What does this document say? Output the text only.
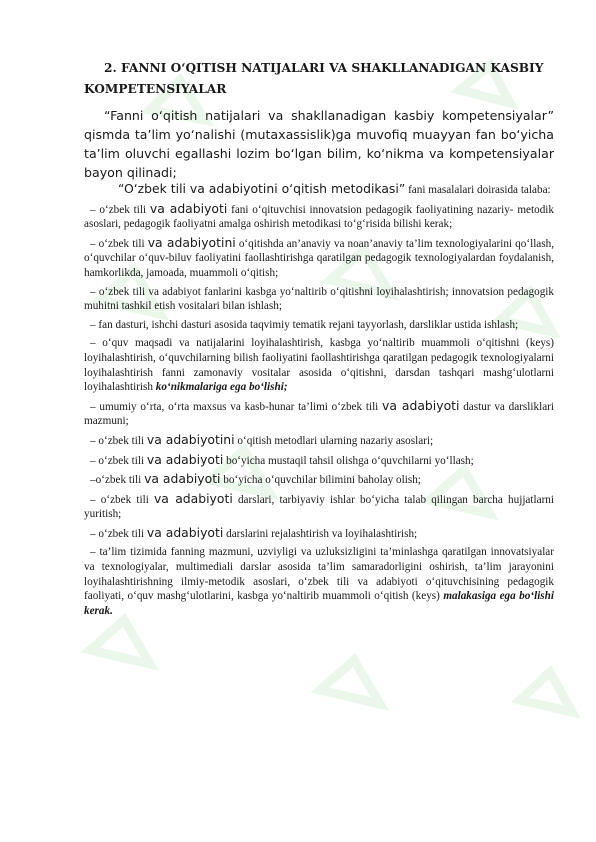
2. FANNI O‘QITISH NATIJALARI VA SHAKLLANADIGAN KASBIY KOMPETENSIYALAR

“Fanni o‘qitish natijalari va shakllanadigan kasbiy kompetensiyalar” qismda ta’lim yo‘nalishi (mutaxassislik)ga muvofiq muayyan fan bo‘yicha ta’lim oluvchi egallashi lozim bo‘lgan bilim, ko‘nikma va kompetensiyalar bayon qilinadi;

“O‘zbek tili va adabiyotini o‘qitish metodikasi” fani masalalari doirasida talaba:

– o‘zbek tili va adabiyoti fani o‘qituvchisi innovatsion pedagogik faoliyatining nazariy- metodik asoslari, pedagogik faoliyatni amalga oshirish metodikasi to‘g‘risida bilishi kerak;

– o‘zbek tili va adabiyotini o‘qitishda an’anaviy va noan’anaviy ta’lim texnologiyalarini qo‘llash, o‘quvchilar o‘quv-biluv faoliyatini faollashtirishga qaratilgan pedagogik texnologiyalardan foydalanish, hamkorlikda, jamoada, muammoli o‘qitish;

– o‘zbek tili va adabiyot fanlarini kasbga yo‘naltirib o‘qitishni loyihalashtirish; innovatsion pedagogik muhitni tashkil etish vositalari bilan ishlash;

– fan dasturi, ishchi dasturi asosida taqvimiy tematik rejani tayyorlash, darsliklar ustida ishlash;

– o‘quv maqsadi va natijalarini loyihalashtirish, kasbga yo‘naltirib muammoli o‘qitishni (keys) loyihalashtirish, o‘quvchilarning bilish faoliyatini faollashtirishga qaratilgan pedagogik texnologiyalarni loyihalashtirish fanni zamonaviy vositalar asosida o‘qitishni, darsdan tashqari mashg‘ulotlarni loyihalashtirish ko‘nikmalariga ega bo‘lishi;

– umumiy o‘rta, o‘rta maxsus va kasb-hunar ta’limi o‘zbek tili va adabiyoti dastur va darsliklari mazmuni;

– o‘zbek tili va adabiyotini o‘qitish metodlari ularning nazariy asoslari;

– o‘zbek tili va adabiyoti bo‘yicha mustaqil tahsil olishga o‘quvchilarni yo‘llash;

–o‘zbek tili va adabiyoti bo‘yicha o‘quvchilar bilimini baholay olish;

– o‘zbek tili va adabiyoti darslari, tarbiyaviy ishlar bo‘yicha talab qilingan barcha hujjatlarni yuritish;

– o‘zbek tili va adabiyoti darslarini rejalashtirish va loyihalashtirish;

– ta’lim tizimida fanning mazmuni, uzviyligi va uzluksizligini ta’minlashga qaratilgan innovatsiyalar va texnologiyalar, multimediali darslar asosida ta’lim samaradorligini oshirish, ta’lim jarayonini loyihalashtirishning ilmiy-metodik asoslari, o‘zbek tili va adabiyoti o‘qituvchisining pedagogik faoliyati, o‘quv mashg‘ulotlarini, kasbga yo‘naltirib muammoli o‘qitish (keys) malakasiga ega bo‘lishi kerak.
